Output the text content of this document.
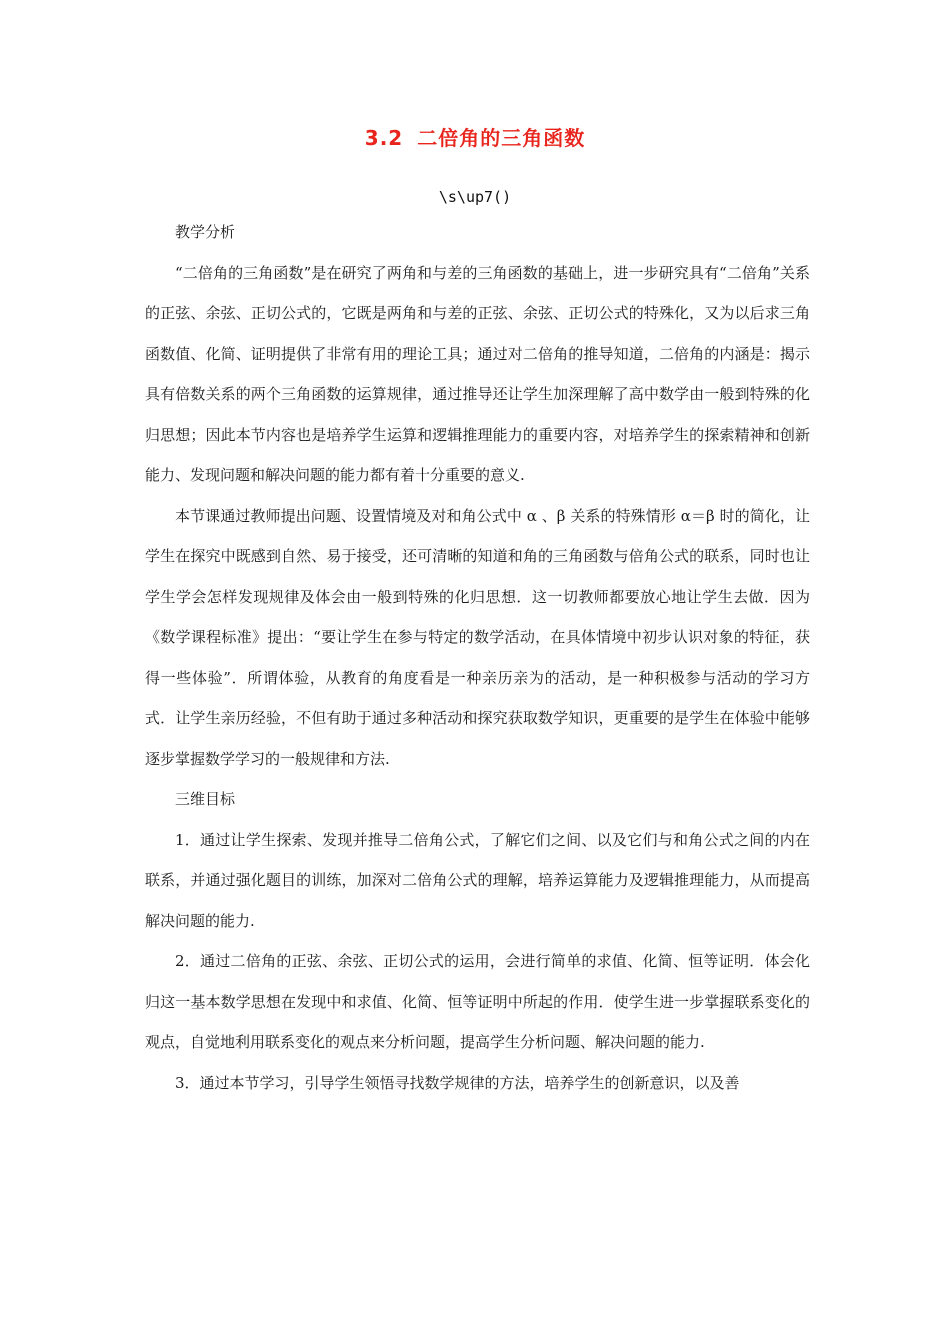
3.2 二倍角的三角函数
\s\up7()

教学分析

“二倍角的三角函数”是在研究了两角和与差的三角函数的基础上，进一步研究具有“二倍角”关系的正弦、余弦、正切公式的，它既是两角和与差的正弦、余弦、正切公式的特殊化，又为以后求三角函数值、化简、证明提供了非常有用的理论工具；通过对二倍角的推导知道，二倍角的内涵是：揭示具有倍数关系的两个三角函数的运算规律，通过推导还让学生加深理解了高中数学由一般到特殊的化归思想；因此本节内容也是培养学生运算和逻辑推理能力的重要内容，对培养学生的探索精神和创新能力、发现问题和解决问题的能力都有着十分重要的意义.

本节课通过教师提出问题、设置情境及对和角公式中 α 、β 关系的特殊情形 α＝β 时的简化，让学生在探究中既感到自然、易于接受，还可清晰的知道和角的三角函数与倍角公式的联系，同时也让学生学会怎样发现规律及体会由一般到特殊的化归思想．这一切教师都要放心地让学生去做．因为《数学课程标准》提出：“要让学生在参与特定的数学活动，在具体情境中初步认识对象的特征，获得一些体验”．所谓体验，从教育的角度看是一种亲历亲为的活动，是一种积极参与活动的学习方式．让学生亲历经验，不但有助于通过多种活动和探究获取数学知识，更重要的是学生在体验中能够逐步掌握数学学习的一般规律和方法.

三维目标

1．通过让学生探索、发现并推导二倍角公式，了解它们之间、以及它们与和角公式之间的内在联系，并通过强化题目的训练，加深对二倍角公式的理解，培养运算能力及逻辑推理能力，从而提高解决问题的能力.

2．通过二倍角的正弦、余弦、正切公式的运用，会进行简单的求值、化简、恒等证明．体会化归这一基本数学思想在发现中和求值、化简、恒等证明中所起的作用．使学生进一步掌握联系变化的观点，自觉地利用联系变化的观点来分析问题，提高学生分析问题、解决问题的能力.

3．通过本节学习，引导学生领悟寻找数学规律的方法，培养学生的创新意识，以及善
